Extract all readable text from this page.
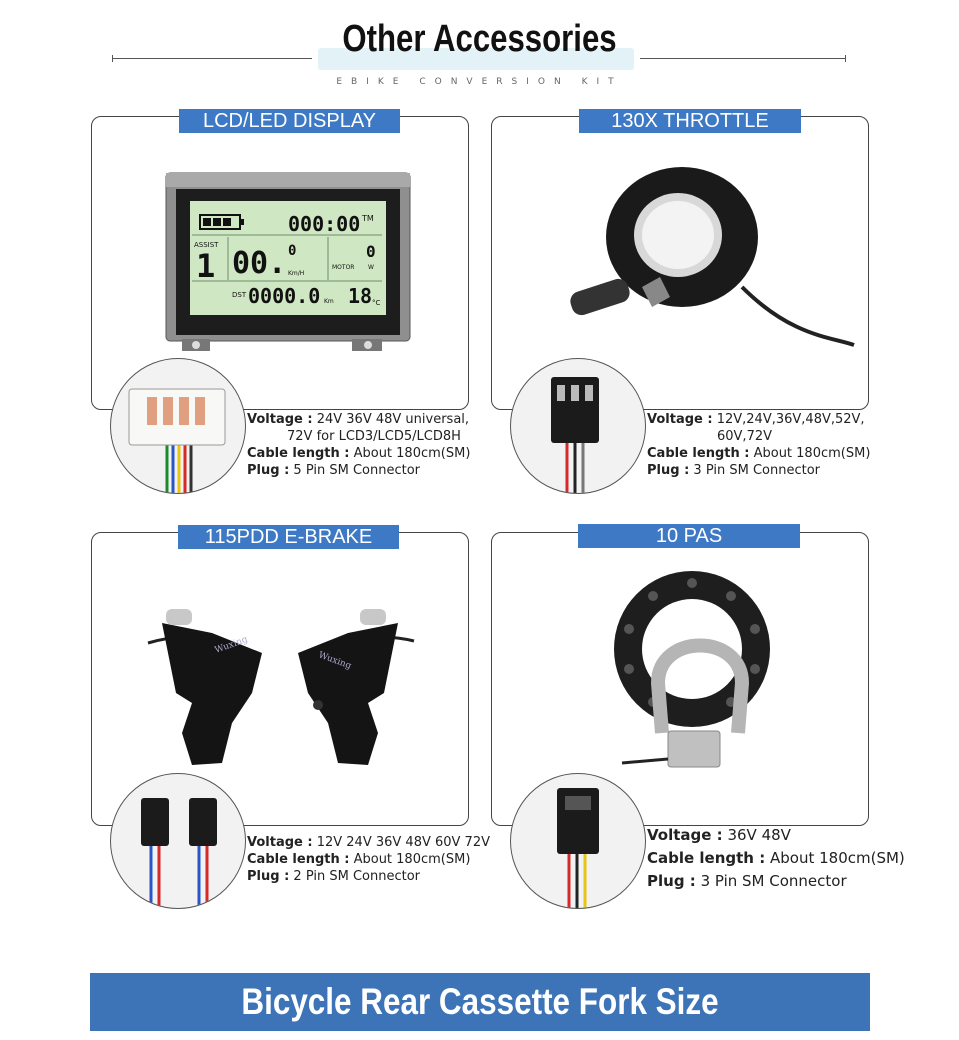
Other Accessories
EBIKE CONVERSION KIT
000:00 TM
ASSIST
1 00. 0
Km/H
MOTOR
0
W
DST 0000.0 Km 18 °C
LCD/LED DISPLAY
Voltage : 24V 36V 48V universal,
72V for LCD3/LCD5/LCD8H
Cable length : About 180cm(SM)
Plug : 5 Pin SM Connector
130X THROTTLE
Voltage : 12V,24V,36V,48V,52V,
60V,72V
Cable length : About 180cm(SM)
Plug : 3 Pin SM Connector
Wuxing
Wuxing
115PDD E-BRAKE
Voltage : 12V 24V 36V 48V 60V 72V
Cable length : About 180cm(SM)
Plug : 2 Pin SM Connector
10 PAS
Voltage : 36V 48V
Cable length : About 180cm(SM)
Plug : 3 Pin SM Connector
Bicycle Rear Cassette Fork Size
